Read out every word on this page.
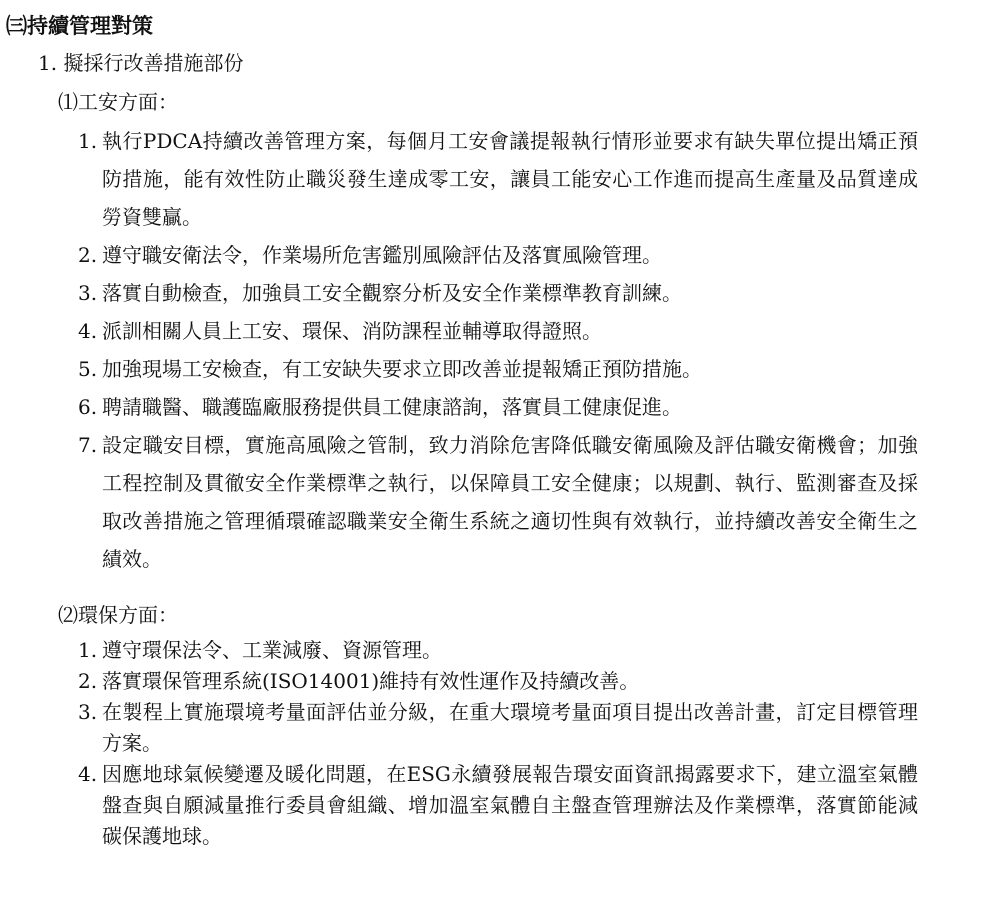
㈢持續管理對策
1. 擬採行改善措施部份
⑴工安方面：
1. 執行PDCA持續改善管理方案，每個月工安會議提報執行情形並要求有缺失單位提出矯正預防措施，能有效性防止職災發生達成零工安，讓員工能安心工作進而提高生產量及品質達成勞資雙贏。
2. 遵守職安衛法令，作業場所危害鑑別風險評估及落實風險管理。
3. 落實自動檢查，加強員工安全觀察分析及安全作業標準教育訓練。
4. 派訓相關人員上工安、環保、消防課程並輔導取得證照。
5. 加強現場工安檢查，有工安缺失要求立即改善並提報矯正預防措施。
6. 聘請職醫、職護臨廠服務提供員工健康諮詢，落實員工健康促進。
7. 設定職安目標，實施高風險之管制，致力消除危害降低職安衛風險及評估職安衛機會；加強工程控制及貫徹安全作業標準之執行，以保障員工安全健康；以規劃、執行、監測審查及採取改善措施之管理循環確認職業安全衛生系統之適切性與有效執行，並持續改善安全衛生之績效。
⑵環保方面：
1. 遵守環保法令、工業減廢、資源管理。
2. 落實環保管理系統(ISO14001)維持有效性運作及持續改善。
3. 在製程上實施環境考量面評估並分級，在重大環境考量面項目提出改善計畫，訂定目標管理方案。
4. 因應地球氣候變遷及暖化問題，在ESG永續發展報告環安面資訊揭露要求下，建立溫室氣體盤查與自願減量推行委員會組織、增加溫室氣體自主盤查管理辦法及作業標準，落實節能減碳保護地球。
